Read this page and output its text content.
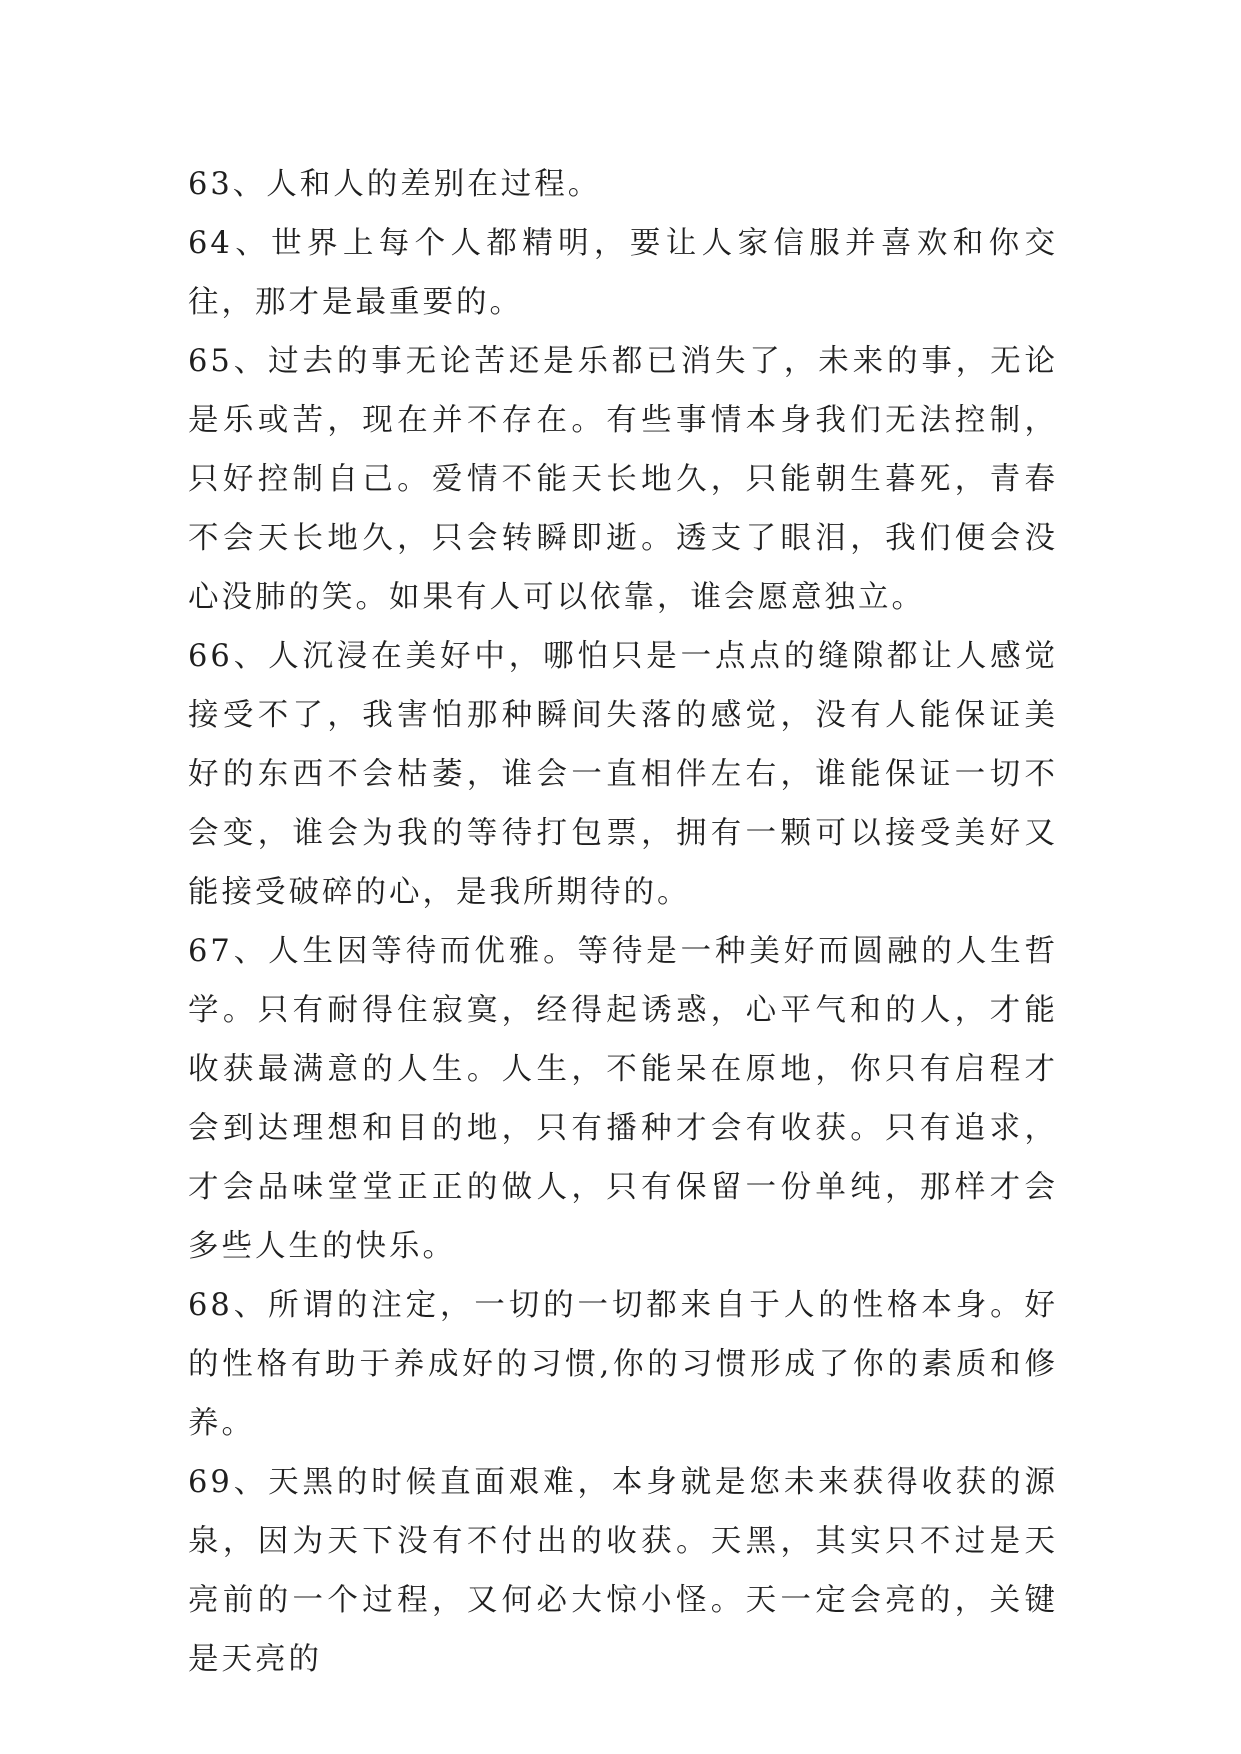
63、人和人的差别在过程。

64、世界上每个人都精明，要让人家信服并喜欢和你交往，那才是最重要的。

65、过去的事无论苦还是乐都已消失了，未来的事，无论是乐或苦，现在并不存在。有些事情本身我们无法控制，只好控制自己。爱情不能天长地久，只能朝生暮死，青春不会天长地久，只会转瞬即逝。透支了眼泪，我们便会没心没肺的笑。如果有人可以依靠，谁会愿意独立。

66、人沉浸在美好中，哪怕只是一点点的缝隙都让人感觉接受不了，我害怕那种瞬间失落的感觉，没有人能保证美好的东西不会枯萎，谁会一直相伴左右，谁能保证一切不会变，谁会为我的等待打包票，拥有一颗可以接受美好又能接受破碎的心，是我所期待的。

67、人生因等待而优雅。等待是一种美好而圆融的人生哲学。只有耐得住寂寞，经得起诱惑，心平气和的人，才能收获最满意的人生。人生，不能呆在原地，你只有启程才会到达理想和目的地，只有播种才会有收获。只有追求，才会品味堂堂正正的做人，只有保留一份单纯，那样才会多些人生的快乐。

68、所谓的注定，一切的一切都来自于人的性格本身。好的性格有助于养成好的习惯,你的习惯形成了你的素质和修养。

69、天黑的时候直面艰难，本身就是您未来获得收获的源泉，因为天下没有不付出的收获。天黑，其实只不过是天亮前的一个过程，又何必大惊小怪。天一定会亮的，关键是天亮的
